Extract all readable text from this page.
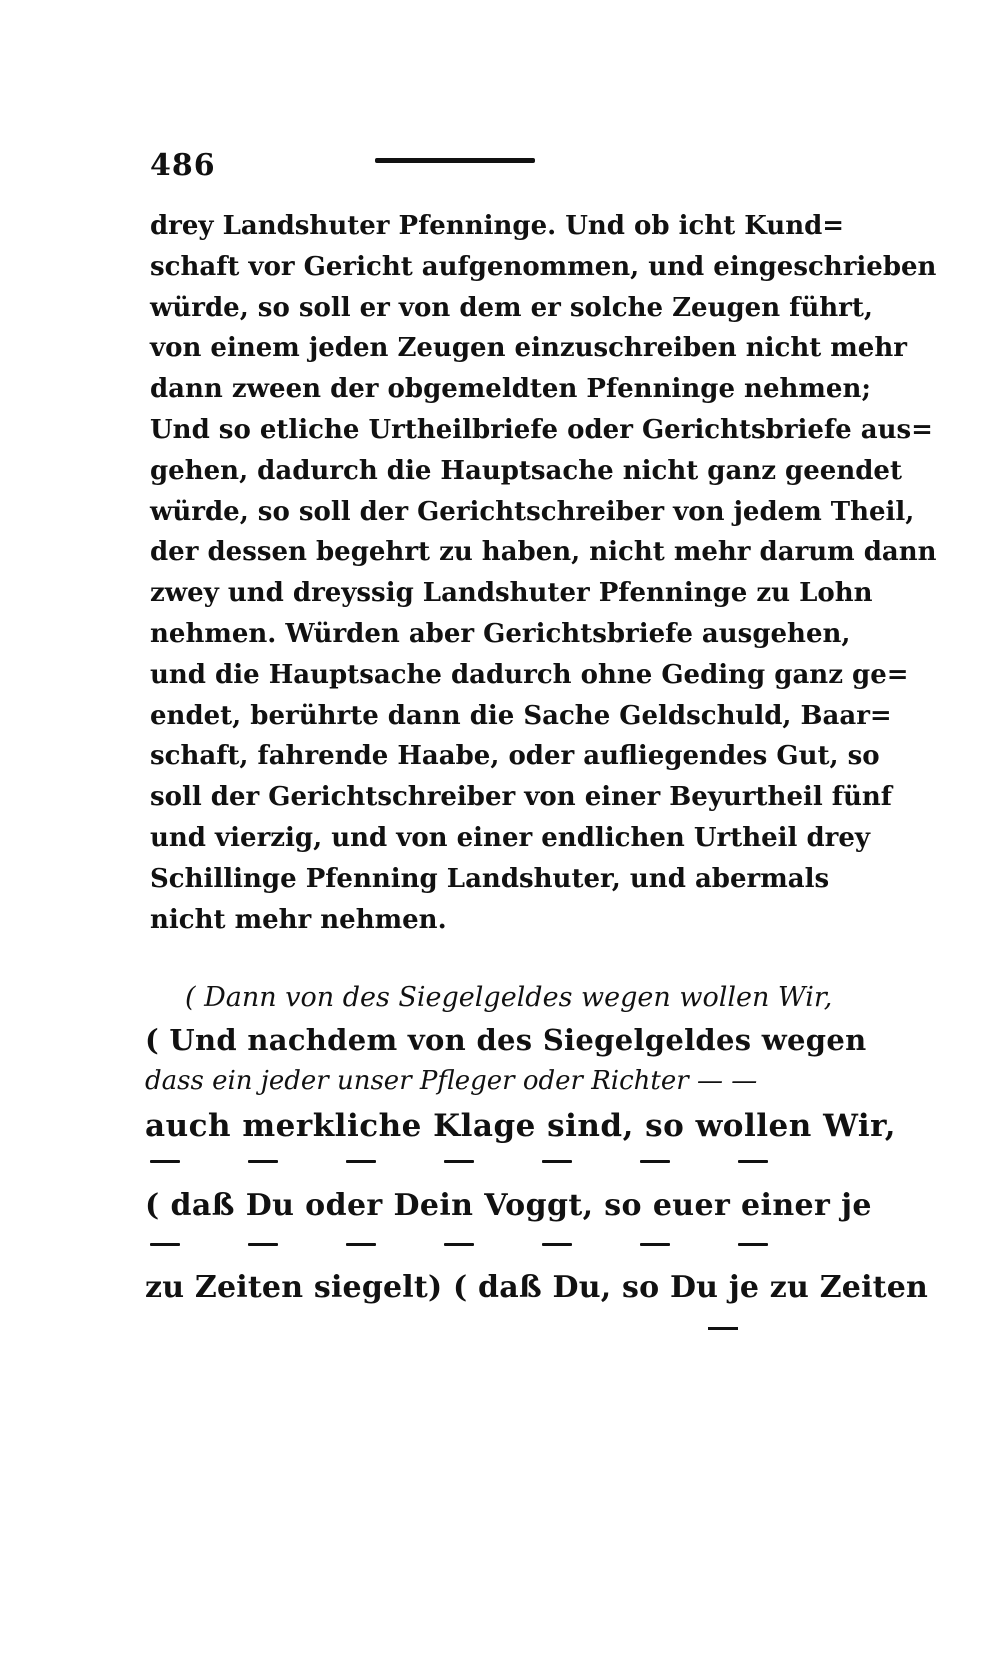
486
drey Landshuter Pfenninge. Und ob icht Kund=
schaft vor Gericht aufgenommen, und eingeschrieben
würde, so soll er von dem er solche Zeugen führt,
von einem jeden Zeugen einzuschreiben nicht mehr
dann zween der obgemeldten Pfenninge nehmen;
Und so etliche Urtheilbriefe oder Gerichtsbriefe aus=
gehen, dadurch die Hauptsache nicht ganz geendet
würde, so soll der Gerichtschreiber von jedem Theil,
der dessen begehrt zu haben, nicht mehr darum dann
zwey und dreyssig Landshuter Pfenninge zu Lohn
nehmen. Würden aber Gerichtsbriefe ausgehen,
und die Hauptsache dadurch ohne Geding ganz ge=
endet, berührte dann die Sache Geldschuld, Baar=
schaft, fahrende Haabe, oder aufliegendes Gut, so
soll der Gerichtschreiber von einer Beyurtheil fünf
und vierzig, und von einer endlichen Urtheil drey
Schillinge Pfenning Landshuter, und abermals
nicht mehr nehmen.
( Dann von des Siegelgeldes wegen wollen Wir,
( Und nachdem von des Siegelgeldes wegen
dass ein jeder unser Pfleger oder Richter — —
auch merkliche Klage sind, so wollen Wir,
( daß Du oder Dein Voggt, so euer einer je
zu Zeiten siegelt) ( daß Du, so Du je zu Zeiten
